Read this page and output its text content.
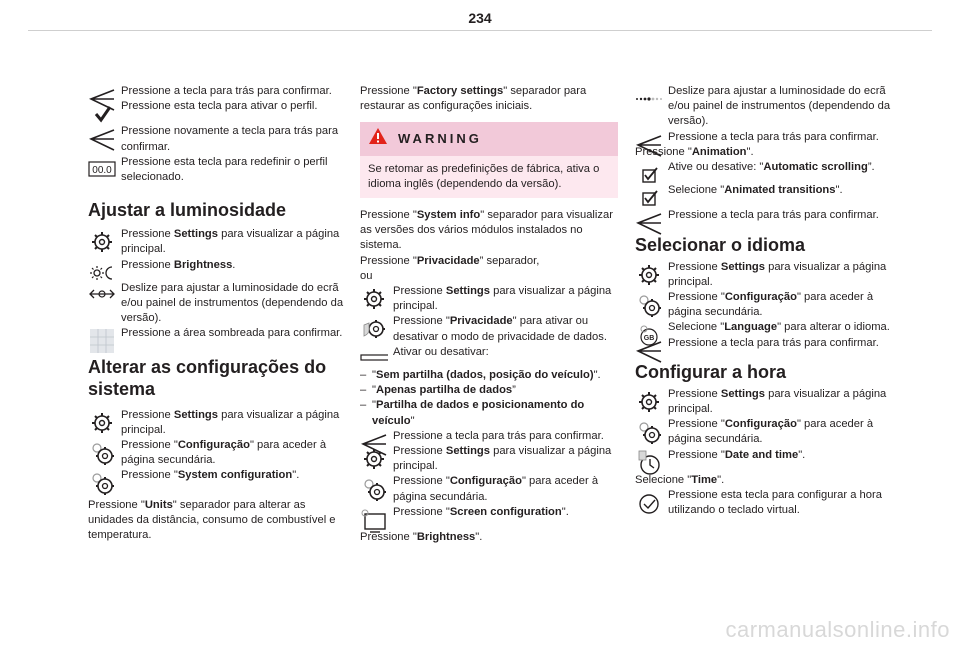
234

Pressione a tecla para trás para confirmar.

Pressione esta tecla para ativar o perfil.

Pressione novamente a tecla para trás para confirmar.

00.0

Pressione esta tecla para redefinir o perfil selecionado.

Ajustar a luminosidade

Pressione Settings para visualizar a página principal.

Pressione Brightness.

Deslize para ajustar a luminosidade do ecrã e/ou painel de instrumentos (dependendo da versão).

Pressione a área sombreada para confirmar.

Alterar as configurações do sistema

Pressione Settings para visualizar a página principal.

Pressione "Configuração" para aceder à página secundária.

Pressione "System configuration".

Pressione "Units" separador para alterar as unidades da distância, consumo de combustível e temperatura.

Pressione "Factory settings" separador para restaurar as configurações iniciais.

WARNING
Se retomar as predefinições de fábrica, ativa o idioma inglês (dependendo da versão).

Pressione "System info" separador para visualizar as versões dos vários módulos instalados no sistema.

Pressione "Privacidade” separador,

ou

Pressione Settings para visualizar a página principal.

Pressione "Privacidade" para ativar ou desativar o modo de privacidade de dados.

Ativar ou desativar:

– "Sem partilha (dados, posição do veículo)".

– "Apenas partilha de dados”

– "Partilha de dados e posicionamento do veículo"

Pressione a tecla para trás para confirmar.

Pressione Settings para visualizar a página principal.

Pressione "Configuração" para aceder à página secundária.

Pressione "Screen configuration".

Pressione "Brightness".

Deslize para ajustar a luminosidade do ecrã e/ou painel de instrumentos (dependendo da versão).

Pressione a tecla para trás para confirmar.

Pressione "Animation".

Ative ou desative: "Automatic scrolling”.

Selecione "Animated transitions".

Pressione a tecla para trás para confirmar.

Selecionar o idioma

Pressione Settings para visualizar a página principal.

Pressione "Configuração" para aceder à página secundária.

GB

Selecione "Language" para alterar o idioma.

Pressione a tecla para trás para confirmar.

Configurar a hora

Pressione Settings para visualizar a página principal.

Pressione "Configuração" para aceder à página secundária.

Pressione "Date and time".

Selecione "Time".

Pressione esta tecla para configurar a hora utilizando o teclado virtual.

carmanualsonline.info
